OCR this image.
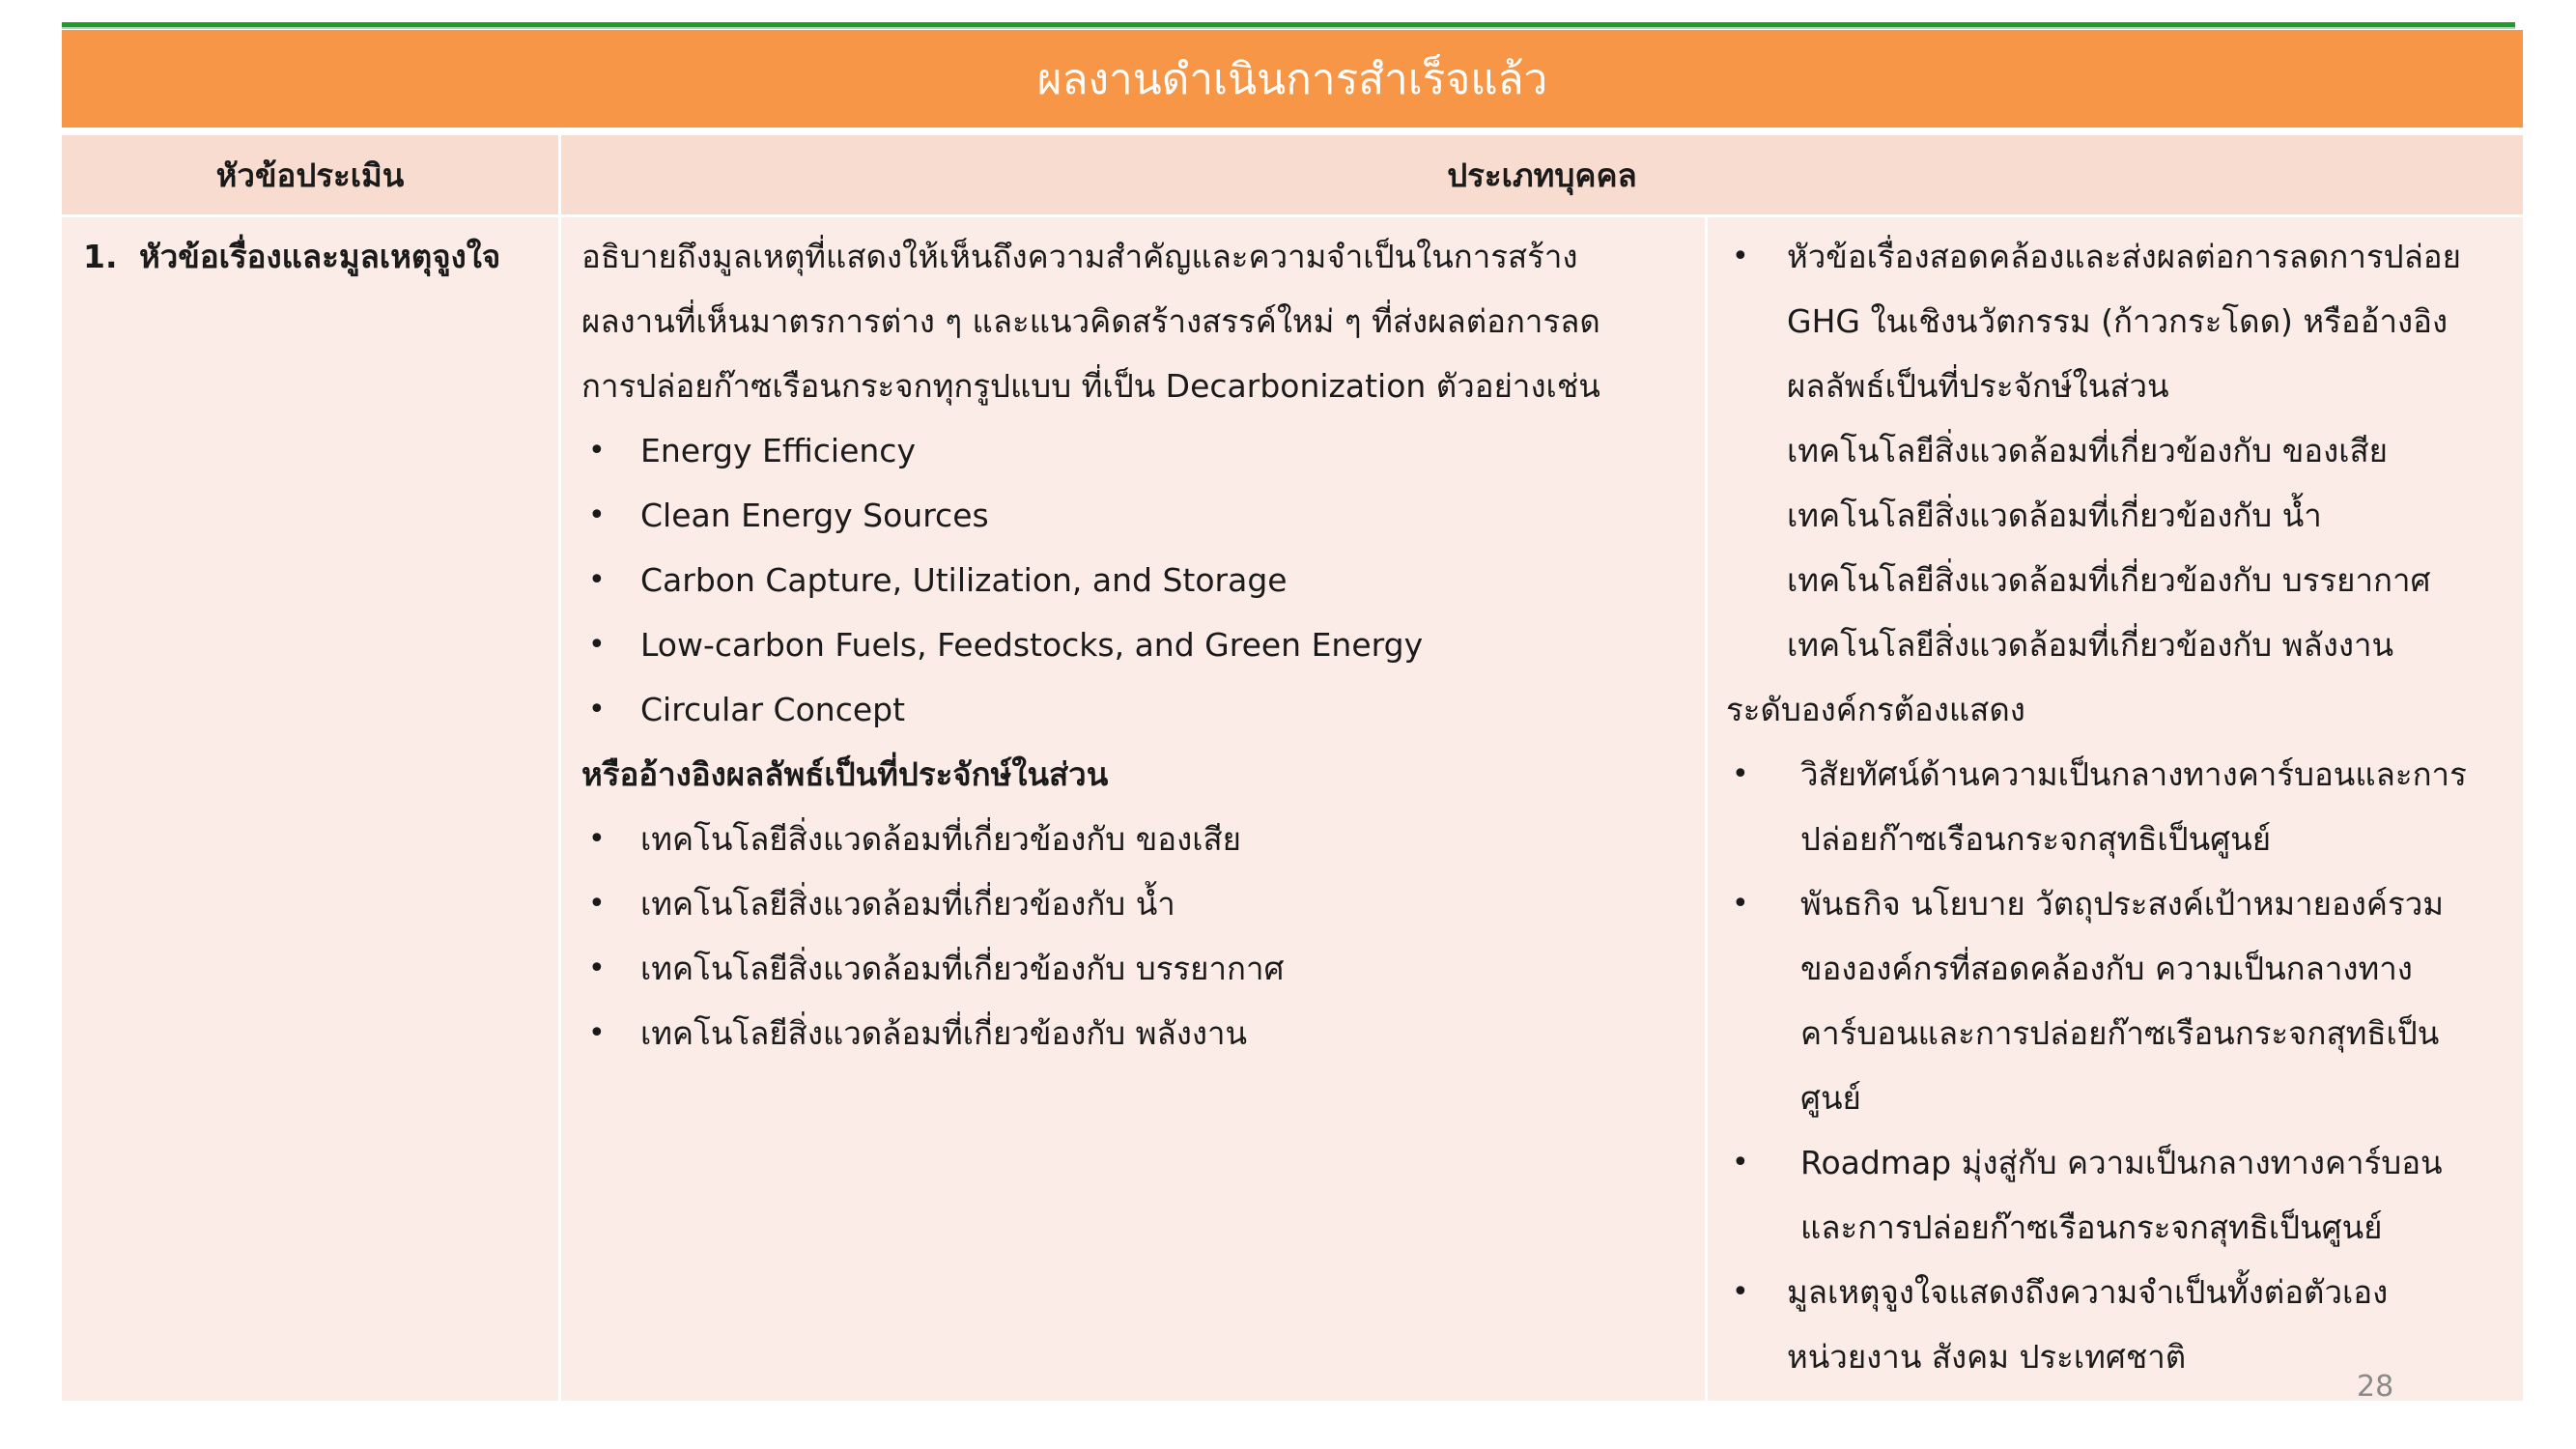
ผลงานดำเนินการสำเร็จแล้ว
หัวข้อประเมิน	ประเภทบุคคล
1. หัวข้อเรื่องและมูลเหตุจูงใจ	อธิบายถึงมูลเหตุที่แสดงให้เห็นถึงความสำคัญและความจำเป็นในการสร้าง
ผลงานที่เห็นมาตรการต่าง ๆ และแนวคิดสร้างสรรค์ใหม่ ๆ ที่ส่งผลต่อการลด
การปล่อยก๊าซเรือนกระจกทุกรูปแบบ ที่เป็น Decarbonization ตัวอย่างเช่น
• Energy Efficiency
• Clean Energy Sources
• Carbon Capture, Utilization, and Storage
• Low-carbon Fuels, Feedstocks, and Green Energy
• Circular Concept
หรืออ้างอิงผลลัพธ์เป็นที่ประจักษ์ในส่วน
• เทคโนโลยีสิ่งแวดล้อมที่เกี่ยวข้องกับ ของเสีย
• เทคโนโลยีสิ่งแวดล้อมที่เกี่ยวข้องกับ น้ำ
• เทคโนโลยีสิ่งแวดล้อมที่เกี่ยวข้องกับ บรรยากาศ
• เทคโนโลยีสิ่งแวดล้อมที่เกี่ยวข้องกับ พลังงาน
• หัวข้อเรื่องสอดคล้องและส่งผลต่อการลดการปล่อย
GHG ในเชิงนวัตกรรม (ก้าวกระโดด) หรืออ้างอิง
ผลลัพธ์เป็นที่ประจักษ์ในส่วน
เทคโนโลยีสิ่งแวดล้อมที่เกี่ยวข้องกับ ของเสีย
เทคโนโลยีสิ่งแวดล้อมที่เกี่ยวข้องกับ น้ำ
เทคโนโลยีสิ่งแวดล้อมที่เกี่ยวข้องกับ บรรยากาศ
เทคโนโลยีสิ่งแวดล้อมที่เกี่ยวข้องกับ พลังงาน
ระดับองค์กรต้องแสดง
• วิสัยทัศน์ด้านความเป็นกลางทางคาร์บอนและการ
ปล่อยก๊าซเรือนกระจกสุทธิเป็นศูนย์
• พันธกิจ นโยบาย วัตถุประสงค์เป้าหมายองค์รวม
ขององค์กรที่สอดคล้องกับ ความเป็นกลางทาง
คาร์บอนและการปล่อยก๊าซเรือนกระจกสุทธิเป็น
ศูนย์
• Roadmap มุ่งสู่กับ ความเป็นกลางทางคาร์บอน
และการปล่อยก๊าซเรือนกระจกสุทธิเป็นศูนย์
• มูลเหตุจูงใจแสดงถึงความจำเป็นทั้งต่อตัวเอง
หน่วยงาน สังคม ประเทศชาติ
28
